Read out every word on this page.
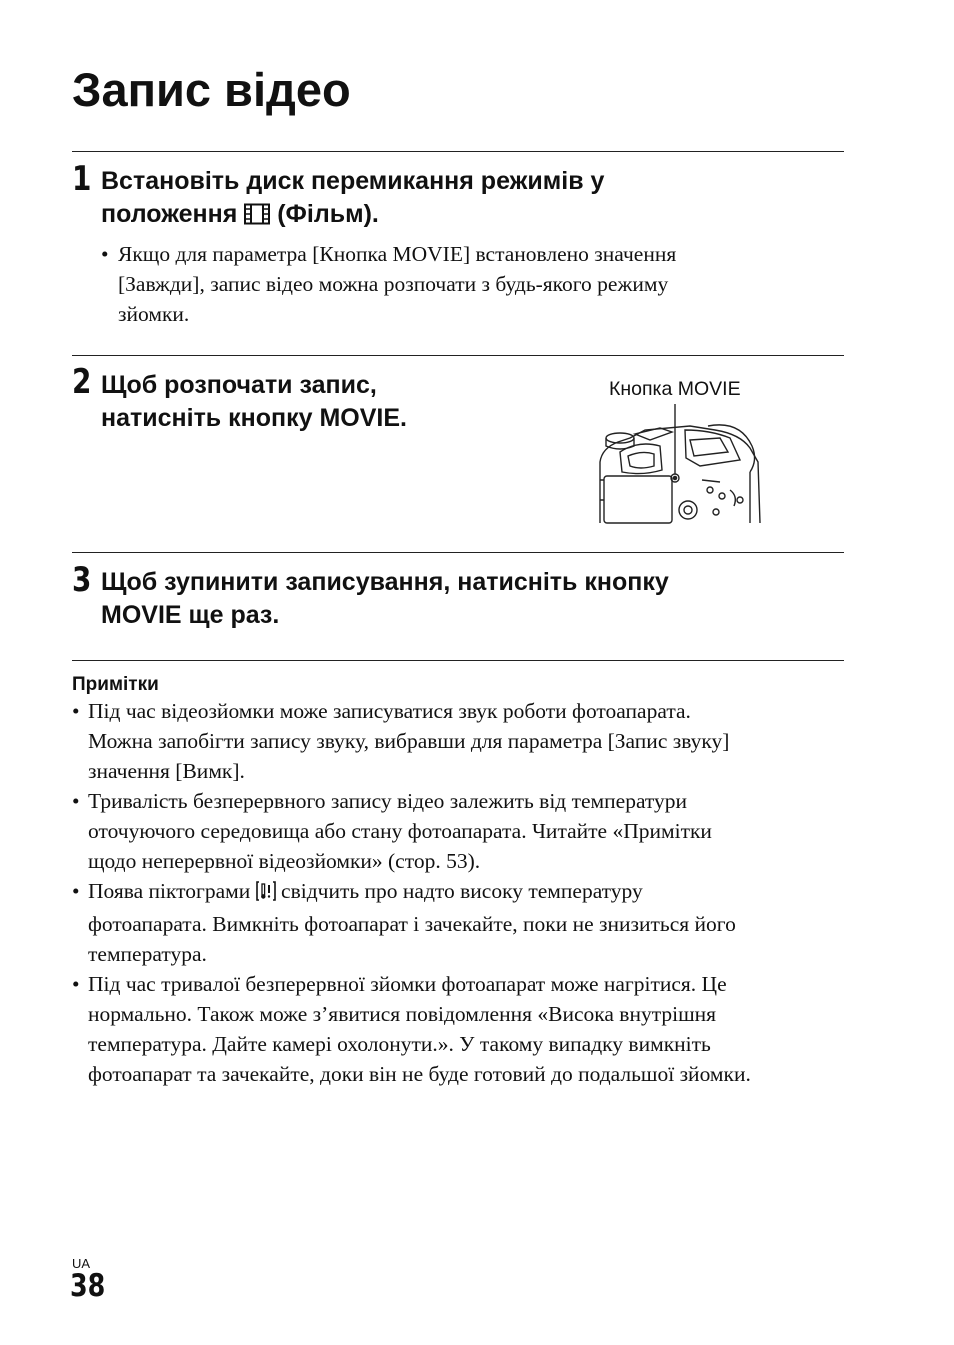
Запис відео
1 Встановіть диск перемикання режимів у
положення (Фільм).
• Якщо для параметра [Кнопка MOVIE] встановлено значення
[Завжди], запис відео можна розпочати з будь-якого режиму
зйомки.
2 Щоб розпочати запис,
натисніть кнопку MOVIE.
Кнопка MOVIE
3 Щоб зупинити записування, натисніть кнопку
MOVIE ще раз.
Примітки
• Під час відеозйомки може записуватися звук роботи фотоапарата.
Можна запобігти запису звуку, вибравши для параметра [Запис звуку]
значення [Вимк].
• Тривалість безперервного запису відео залежить від температури
оточуючого середовища або стану фотоапарата. Читайте «Примітки
щодо неперервної відеозйомки» (стор. 53).
• Поява піктограми свідчить про надто високу температуру
фотоапарата. Вимкніть фотоапарат і зачекайте, поки не знизиться його
температура.
• Під час тривалої безперервної зйомки фотоапарат може нагрітися. Це
нормально. Також може з’явитися повідомлення «Висока внутрішня
температура. Дайте камері охолонути.». У такому випадку вимкніть
фотоапарат та зачекайте, доки він не буде готовий до подальшої зйомки.
UA
38
